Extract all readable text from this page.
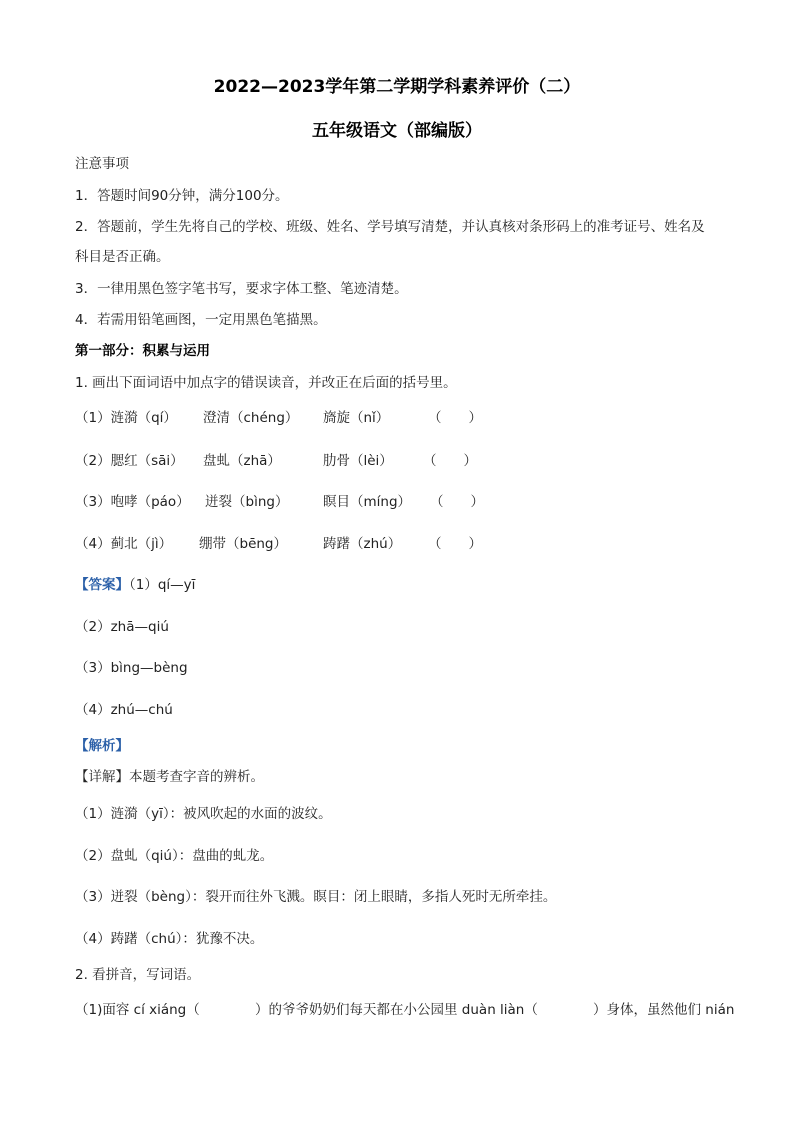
2022—2023学年第二学期学科素养评价（二）
五年级语文（部编版）
注意事项
1．答题时间90分钟，满分100分。
2．答题前，学生先将自己的学校、班级、姓名、学号填写清楚，并认真核对条形码上的准考证号、姓名及
科目是否正确。
3．一律用黑色签字笔书写，要求字体工整、笔迹清楚。
4．若需用铅笔画图，一定用黑色笔描黑。
第一部分：积累与运用
1. 画出下面词语中加点字的错误读音，并改正在后面的括号里。
（1）涟漪（qí） 澄清（chéng） 旖旋（nǐ）	（　　）
（2）腮红（sāi） 盘虬（zhā）	肋骨（lèi） （　　）
（3）咆哮（páo） 迸裂（bìng）	瞑目（míng） （　　）
（4）蓟北（jì） 绷带（bēng）	踌躇（zhú） （　　）
【答案】（1）qí—yī
（2）zhā—qiú
（3）bìng—bèng
（4）zhú—chú
【解析】
【详解】本题考查字音的辨析。
（1）涟漪（yī）：被风吹起的水面的波纹。
（2）盘虬（qiú）：盘曲的虬龙。
（3）迸裂（bèng）：裂开而往外飞溅。瞑目：闭上眼睛，多指人死时无所牵挂。
（4）踌躇（chú）：犹豫不决。
2. 看拼音，写词语。
（1)面容 cí xiáng（	）的爷爷奶奶们每天都在小公园里 duàn liàn（	）身体，虽然他们 nián
